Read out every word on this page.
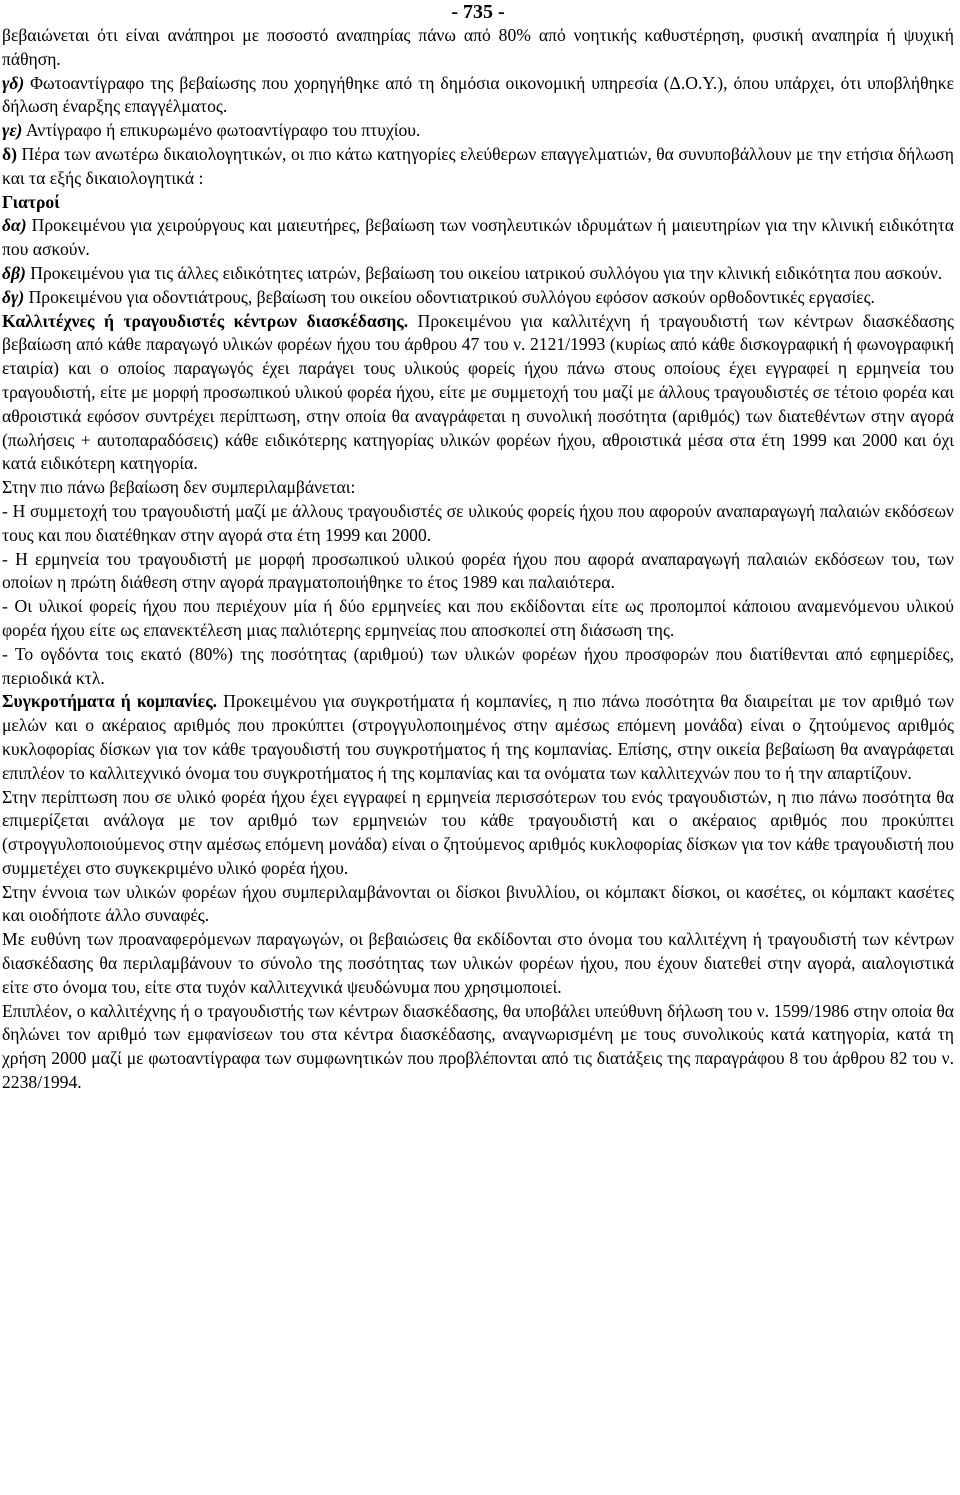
- 735 -

βεβαιώνεται ότι είναι ανάπηροι με ποσοστό αναπηρίας πάνω από 80% από νοητικής καθυστέρηση, φυσική αναπηρία ή ψυχική πάθηση.

γδ) Φωτοαντίγραφο της βεβαίωσης που χορηγήθηκε από τη δημόσια οικονομική υπηρεσία (Δ.Ο.Υ.), όπου υπάρχει, ότι υποβλήθηκε δήλωση έναρξης επαγγέλματος.

γε) Αντίγραφο ή επικυρωμένο φωτοαντίγραφο του πτυχίου.

δ) Πέρα των ανωτέρω δικαιολογητικών, οι πιο κάτω κατηγορίες ελεύθερων επαγγελματιών, θα συνυποβάλλουν με την ετήσια δήλωση και τα εξής δικαιολογητικά :

Γιατροί

δα) Προκειμένου για χειρούργους και μαιευτήρες, βεβαίωση των νοσηλευτικών ιδρυμάτων ή μαιευτηρίων για την κλινική ειδικότητα που ασκούν.

δβ) Προκειμένου για τις άλλες ειδικότητες ιατρών, βεβαίωση του οικείου ιατρικού συλλόγου για την κλινική ειδικότητα που ασκούν.

δγ) Προκειμένου για οδοντιάτρους, βεβαίωση του οικείου οδοντιατρικού συλλόγου εφόσον ασκούν ορθοδοντικές εργασίες.

Καλλιτέχνες ή τραγουδιστές κέντρων διασκέδασης. Προκειμένου για καλλιτέχνη ή τραγουδιστή των κέντρων διασκέδασης βεβαίωση από κάθε παραγωγό υλικών φορέων ήχου του άρθρου 47 του ν. 2121/1993 (κυρίως από κάθε δισκογραφική ή φωνογραφική εταιρία) και ο οποίος παραγωγός έχει παράγει τους υλικούς φορείς ήχου πάνω στους οποίους έχει εγγραφεί η ερμηνεία του τραγουδιστή, είτε με μορφή προσωπικού υλικού φορέα ήχου, είτε με συμμετοχή του μαζί με άλλους τραγουδιστές σε τέτοιο φορέα και αθροιστικά εφόσον συντρέχει περίπτωση, στην οποία θα αναγράφεται η συνολική ποσότητα (αριθμός) των διατεθέντων στην αγορά (πωλήσεις + αυτοπαραδόσεις) κάθε ειδικότερης κατηγορίας υλικών φορέων ήχου, αθροιστικά μέσα στα έτη 1999 και 2000 και όχι κατά ειδικότερη κατηγορία.

Στην πιο πάνω βεβαίωση δεν συμπεριλαμβάνεται:

- Η συμμετοχή του τραγουδιστή μαζί με άλλους τραγουδιστές σε υλικούς φορείς ήχου που αφορούν αναπαραγωγή παλαιών εκδόσεων τους και που διατέθηκαν στην αγορά στα έτη 1999 και 2000.

- Η ερμηνεία του τραγουδιστή με μορφή προσωπικού υλικού φορέα ήχου που αφορά αναπαραγωγή παλαιών εκδόσεων του, των οποίων η πρώτη διάθεση στην αγορά πραγματοποιήθηκε το έτος 1989 και παλαιότερα.

- Οι υλικοί φορείς ήχου που περιέχουν μία ή δύο ερμηνείες και που εκδίδονται είτε ως προπομποί κάποιου αναμενόμενου υλικού φορέα ήχου είτε ως επανεκτέλεση μιας παλιότερης ερμηνείας που αποσκοπεί στη διάσωση της.

- Το ογδόντα τοις εκατό (80%) της ποσότητας (αριθμού) των υλικών φορέων ήχου προσφορών που διατίθενται από εφημερίδες, περιοδικά κτλ.

Συγκροτήματα ή κομπανίες. Προκειμένου για συγκροτήματα ή κομπανίες, η πιο πάνω ποσότητα θα διαιρείται με τον αριθμό των μελών και ο ακέραιος αριθμός που προκύπτει (στρογγυλοποιημένος στην αμέσως επόμενη μονάδα) είναι ο ζητούμενος αριθμός κυκλοφορίας δίσκων για τον κάθε τραγουδιστή του συγκροτήματος ή της κομπανίας. Επίσης, στην οικεία βεβαίωση θα αναγράφεται επιπλέον το καλλιτεχνικό όνομα του συγκροτήματος ή της κομπανίας και τα ονόματα των καλλιτεχνών που το ή την απαρτίζουν.

Στην περίπτωση που σε υλικό φορέα ήχου έχει εγγραφεί η ερμηνεία περισσότερων του ενός τραγουδιστών, η πιο πάνω ποσότητα θα επιμερίζεται ανάλογα με τον αριθμό των ερμηνειών του κάθε τραγουδιστή και ο ακέραιος αριθμός που προκύπτει (στρογγυλοποιούμενος στην αμέσως επόμενη μονάδα) είναι ο ζητούμενος αριθμός κυκλοφορίας δίσκων για τον κάθε τραγουδιστή που συμμετέχει στο συγκεκριμένο υλικό φορέα ήχου.

Στην έννοια των υλικών φορέων ήχου συμπεριλαμβάνονται οι δίσκοι βινυλλίου, οι κόμπακτ δίσκοι, οι κασέτες, οι κόμπακτ κασέτες και οιοδήποτε άλλο συναφές.

Με ευθύνη των προαναφερόμενων παραγωγών, οι βεβαιώσεις θα εκδίδονται στο όνομα του καλλιτέχνη ή τραγουδιστή των κέντρων διασκέδασης θα περιλαμβάνουν το σύνολο της ποσότητας των υλικών φορέων ήχου, που έχουν διατεθεί στην αγορά, αιαλογιστικά είτε στο όνομα του, είτε στα τυχόν καλλιτεχνικά ψευδώνυμα που χρησιμοποιεί.

Επιπλέον, ο καλλιτέχνης ή ο τραγουδιστής των κέντρων διασκέδασης, θα υποβάλει υπεύθυνη δήλωση του ν. 1599/1986 στην οποία θα δηλώνει τον αριθμό των εμφανίσεων του στα κέντρα διασκέδασης, αναγνωρισμένη με τους συνολικούς κατά κατηγορία, κατά τη χρήση 2000 μαζί με φωτοαντίγραφα των συμφωνητικών που προβλέπονται από τις διατάξεις της παραγράφου 8 του άρθρου 82 του ν. 2238/1994.
